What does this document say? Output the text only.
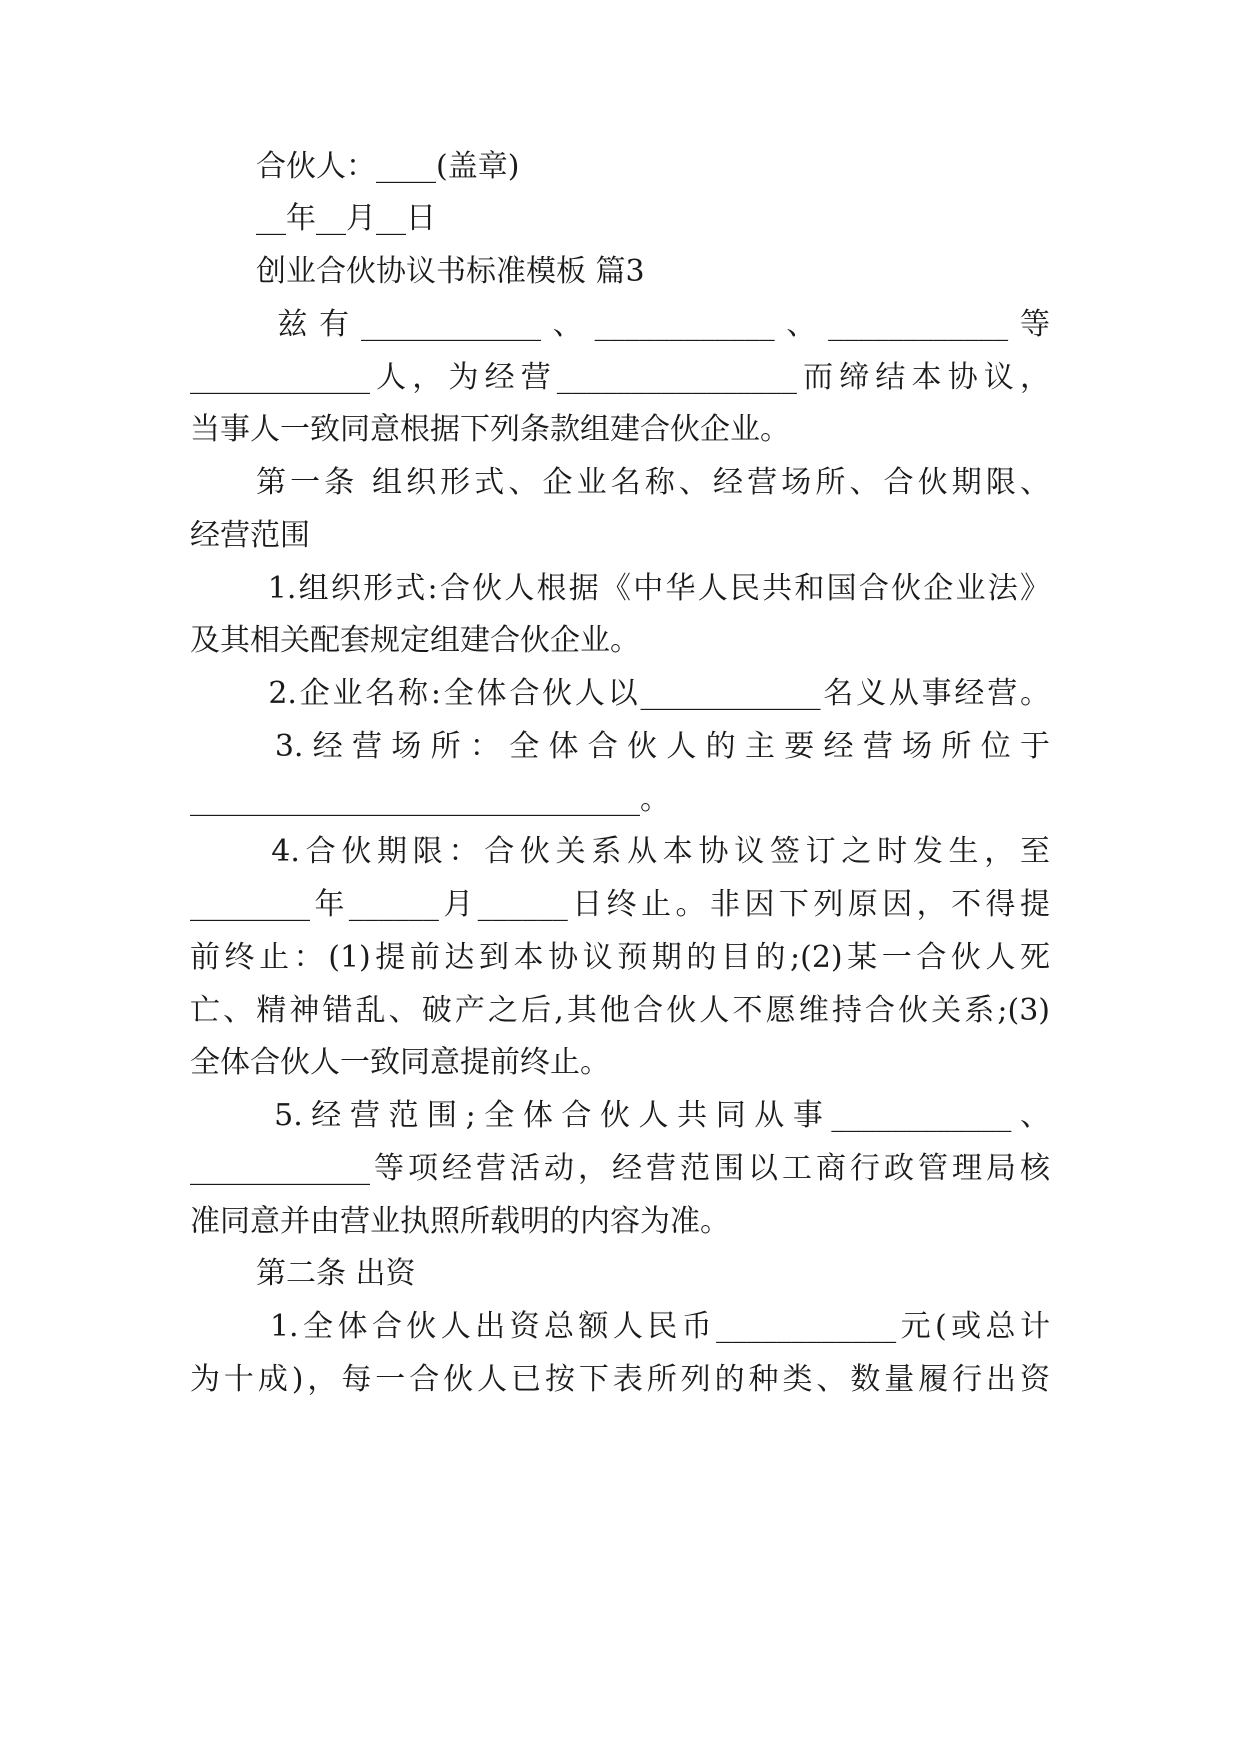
合伙人：____(盖章)
__年__月__日
创业合伙协议书标准模板 篇3
兹有____________、____________、____________等
____________人，为经营________________而缔结本协议，
当事人一致同意根据下列条款组建合伙企业。
第一条 组织形式、企业名称、经营场所、合伙期限、
经营范围
1.组织形式:合伙人根据《中华人民共和国合伙企业法》
及其相关配套规定组建合伙企业。
2.企业名称:全体合伙人以____________名义从事经营。
3.经营场所：全体合伙人的主要经营场所位于
______________________________。
4.合伙期限：合伙关系从本协议签订之时发生，至
________年______月______日终止。非因下列原因，不得提
前终止：(1)提前达到本协议预期的目的;(2)某一合伙人死
亡、精神错乱、破产之后,其他合伙人不愿维持合伙关系;(3)
全体合伙人一致同意提前终止。
5.经营范围;全体合伙人共同从事____________、
____________等项经营活动，经营范围以工商行政管理局核
准同意并由营业执照所载明的内容为准。
第二条 出资
1.全体合伙人出资总额人民币____________元(或总计
为十成)，每一合伙人已按下表所列的种类、数量履行出资
